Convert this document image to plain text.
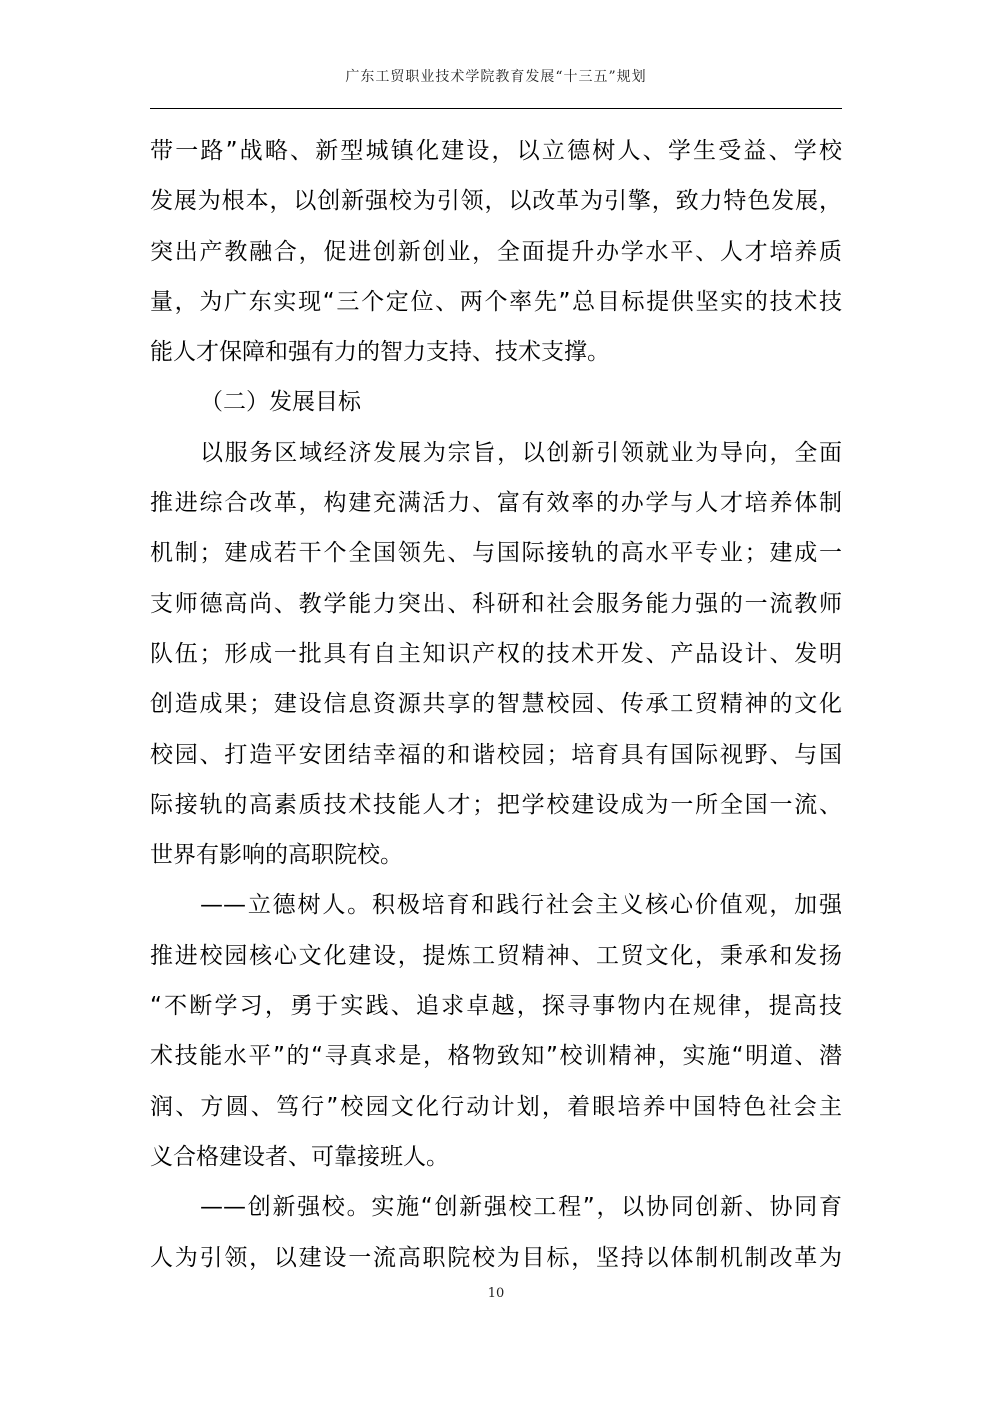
广东工贸职业技术学院教育发展“十三五”规划
带一路”战略、新型城镇化建设，以立德树人、学生受益、学校
发展为根本，以创新强校为引领，以改革为引擎，致力特色发展，
突出产教融合，促进创新创业，全面提升办学水平、人才培养质
量，为广东实现“三个定位、两个率先”总目标提供坚实的技术技
能人才保障和强有力的智力支持、技术支撑。
（二）发展目标
以服务区域经济发展为宗旨，以创新引领就业为导向，全面
推进综合改革，构建充满活力、富有效率的办学与人才培养体制
机制；建成若干个全国领先、与国际接轨的高水平专业；建成一
支师德高尚、教学能力突出、科研和社会服务能力强的一流教师
队伍；形成一批具有自主知识产权的技术开发、产品设计、发明
创造成果；建设信息资源共享的智慧校园、传承工贸精神的文化
校园、打造平安团结幸福的和谐校园；培育具有国际视野、与国
际接轨的高素质技术技能人才；把学校建设成为一所全国一流、
世界有影响的高职院校。
——立德树人。积极培育和践行社会主义核心价值观，加强
推进校园核心文化建设，提炼工贸精神、工贸文化，秉承和发扬
“不断学习，勇于实践、追求卓越，探寻事物内在规律，提高技
术技能水平”的“寻真求是，格物致知”校训精神，实施“明道、潜
润、方圆、笃行”校园文化行动计划，着眼培养中国特色社会主
义合格建设者、可靠接班人。
——创新强校。实施“创新强校工程”，以协同创新、协同育
人为引领，以建设一流高职院校为目标，坚持以体制机制改革为
10
